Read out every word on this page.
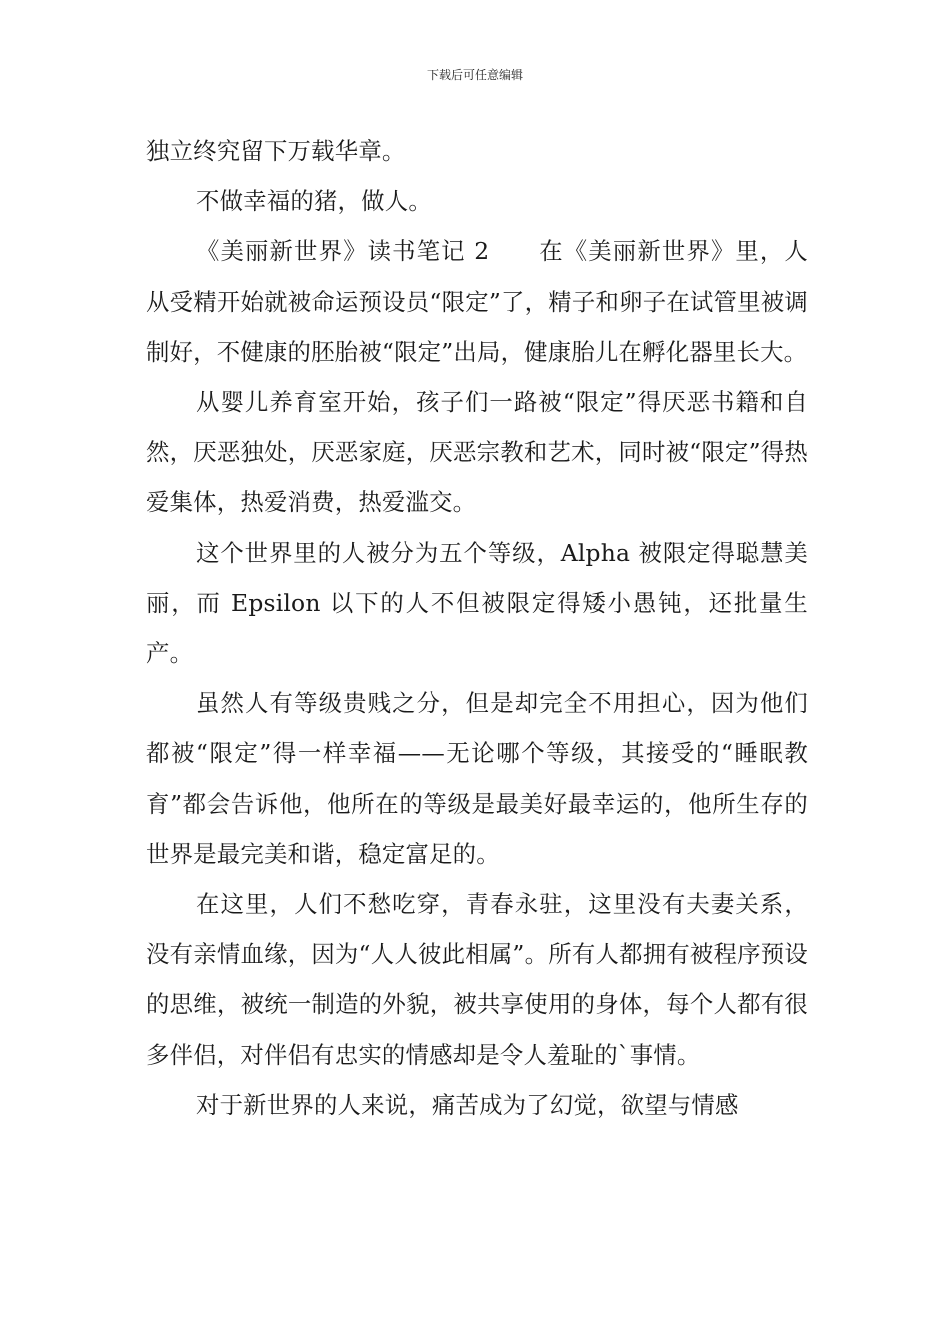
下载后可任意编辑

独立终究留下万载华章。

不做幸福的猪，做人。

《美丽新世界》读书笔记 2　　在《美丽新世界》里，人从受精开始就被命运预设员“限定”了，精子和卵子在试管里被调制好，不健康的胚胎被“限定”出局，健康胎儿在孵化器里长大。

从婴儿养育室开始，孩子们一路被“限定”得厌恶书籍和自然，厌恶独处，厌恶家庭，厌恶宗教和艺术，同时被“限定”得热爱集体，热爱消费，热爱滥交。

这个世界里的人被分为五个等级，Alpha 被限定得聪慧美丽，而 Epsilon 以下的人不但被限定得矮小愚钝，还批量生产。

虽然人有等级贵贱之分，但是却完全不用担心，因为他们都被“限定”得一样幸福——无论哪个等级，其接受的“睡眠教育”都会告诉他，他所在的等级是最美好最幸运的，他所生存的世界是最完美和谐，稳定富足的。

在这里，人们不愁吃穿，青春永驻，这里没有夫妻关系，没有亲情血缘，因为“人人彼此相属”。所有人都拥有被程序预设的思维，被统一制造的外貌，被共享使用的身体，每个人都有很多伴侣，对伴侣有忠实的情感却是令人羞耻的`事情。

对于新世界的人来说，痛苦成为了幻觉，欲望与情感
